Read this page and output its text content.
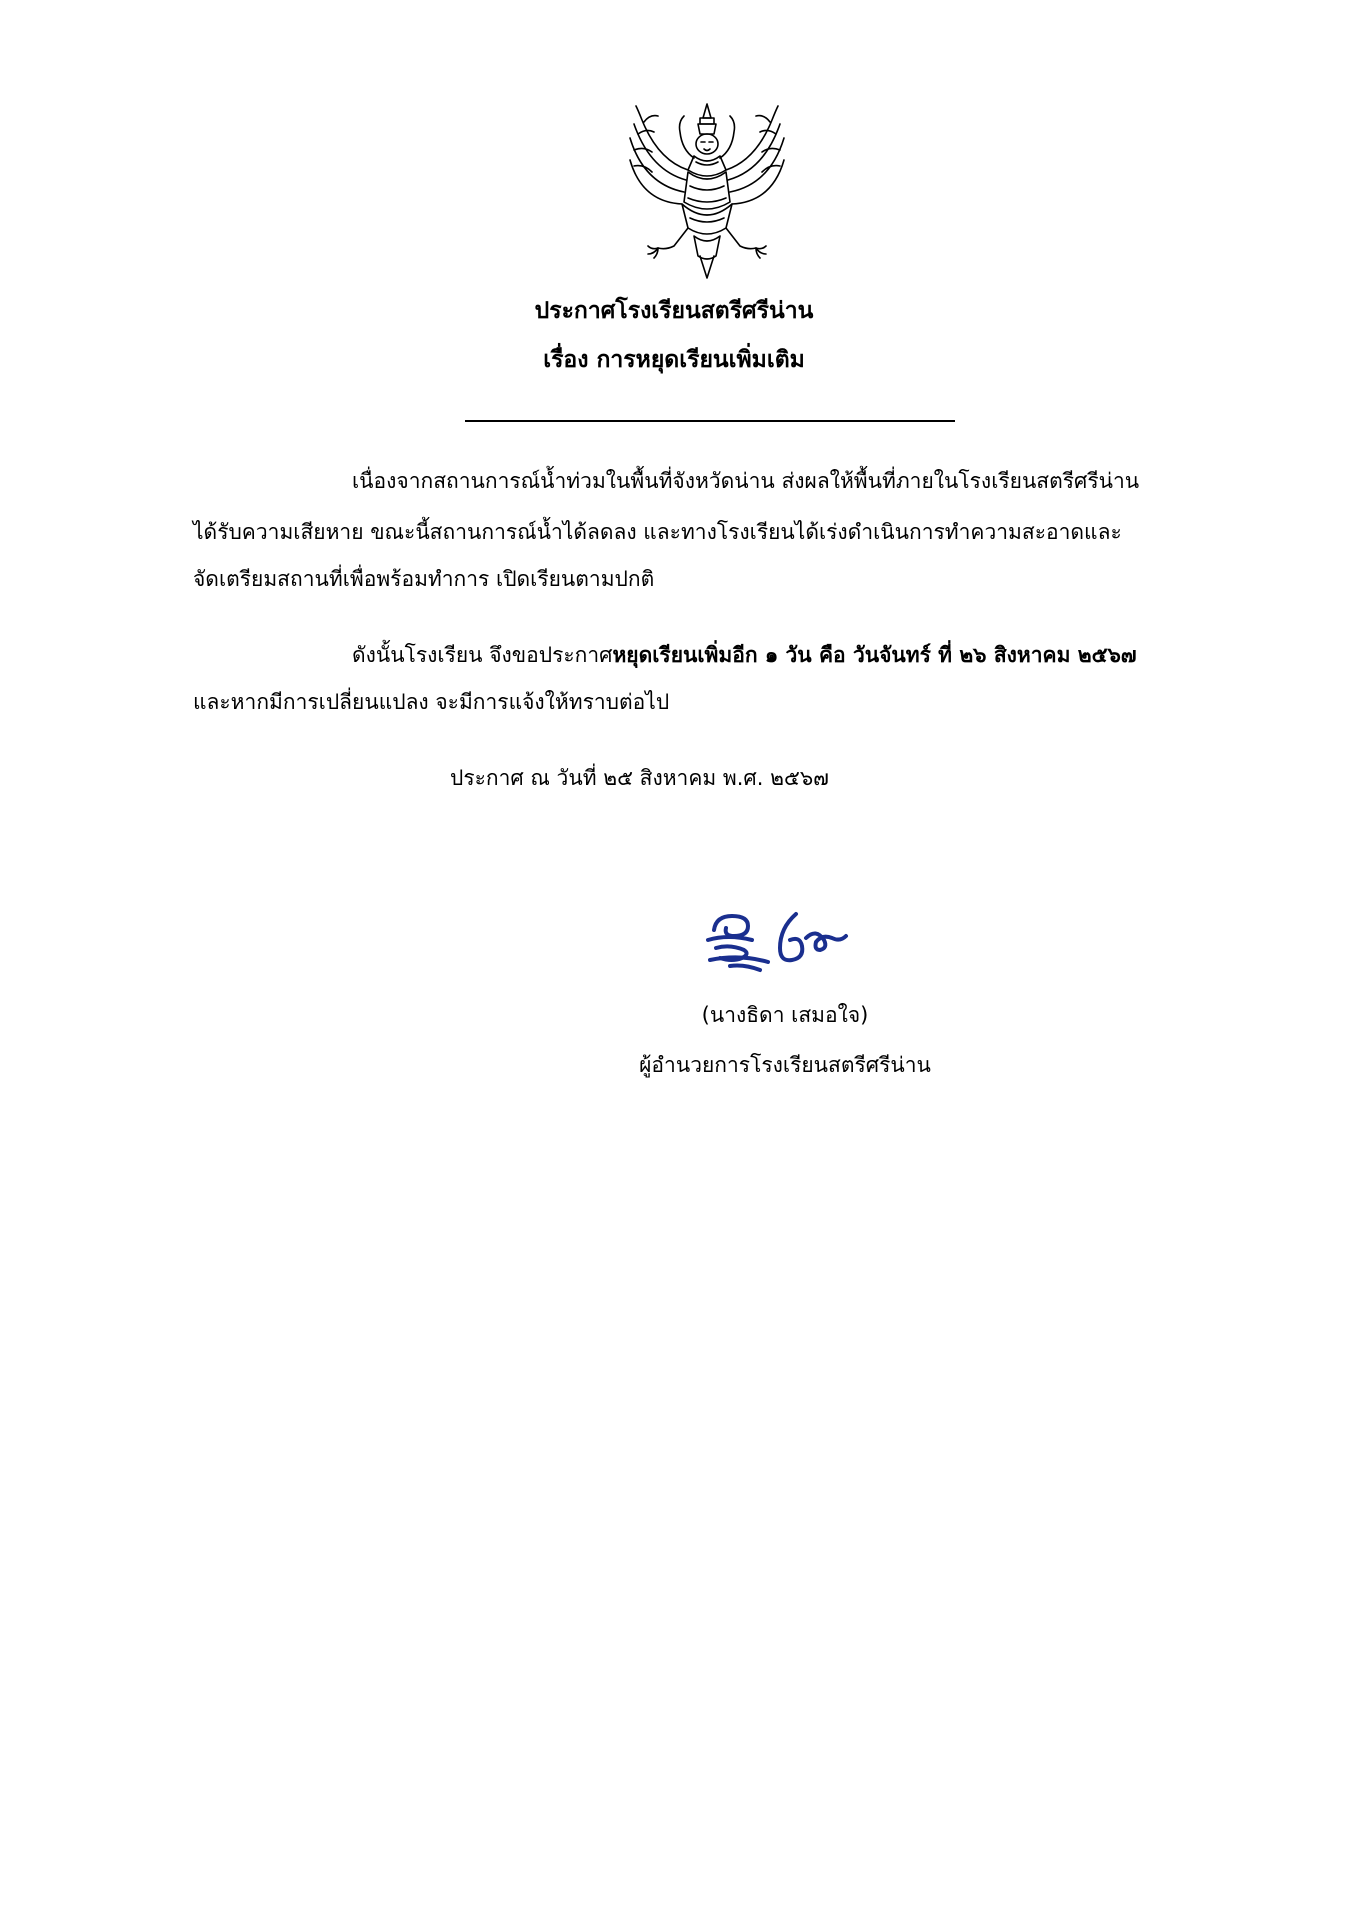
ประกาศโรงเรียนสตรีศรีน่าน
เรื่อง การหยุดเรียนเพิ่มเติม
เนื่องจากสถานการณ์น้ำท่วมในพื้นที่จังหวัดน่าน ส่งผลให้พื้นที่ภายในโรงเรียนสตรีศรีน่าน
ได้รับความเสียหาย ขณะนี้สถานการณ์น้ำได้ลดลง และทางโรงเรียนได้เร่งดำเนินการทำความสะอาดและ
จัดเตรียมสถานที่เพื่อพร้อมทำการ เปิดเรียนตามปกติ
ดังนั้นโรงเรียน จึงขอประกาศหยุดเรียนเพิ่มอีก ๑ วัน คือ วันจันทร์ ที่ ๒๖ สิงหาคม ๒๕๖๗
และหากมีการเปลี่ยนแปลง จะมีการแจ้งให้ทราบต่อไป
ประกาศ ณ วันที่ ๒๕ สิงหาคม พ.ศ. ๒๕๖๗
(นางธิดา เสมอใจ)
ผู้อำนวยการโรงเรียนสตรีศรีน่าน
